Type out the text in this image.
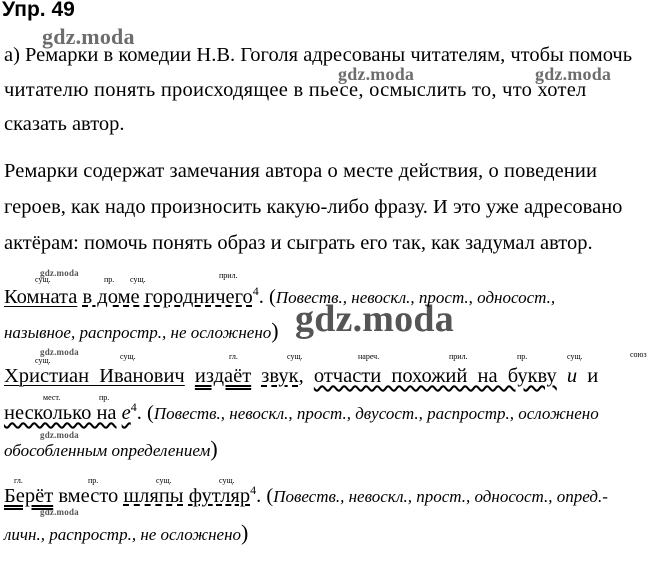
Упр. 49
gdz.moda
gdz.moda	gdz.moda
gdz.moda
gdz.moda
gdz.moda
gdz.moda
gdz.moda
а) Ремарки в комедии Н.В. Гоголя адресованы читателям, чтобы помочь
читателю понять происходящее в пьесе, осмыслить то, что хотел
сказать автор.
Ремарки содержат замечания автора о месте действия, о поведении
героев, как надо произносить какую-либо фразу. И это уже адресовано
актёрам: помочь понять образ и сыграть его так, как задумал автор.
сущ.	пр. сущ.	прил.
Комната в доме городничего$^4$. (Повеств., невоскл., прост., односост.,
назывное, распростр., не осложнено)
сущ.	сущ.	гл.	сущ.	нареч.	прил.	пр.	сущ.	союз
мест.	пр.
Христиан Иванович издаёт звук, отчасти похожий на букву и и
несколько на $е^4$. (Повеств., невоскл., прост., двусост., распростр., осложнено
обособленным определением)
гл.	пр.	сущ.	сущ.
Берёт вместо шляпы футляр$^4$. (Повеств., невоскл., прост., односост., опред.-
личн., распростр., не осложнено)
